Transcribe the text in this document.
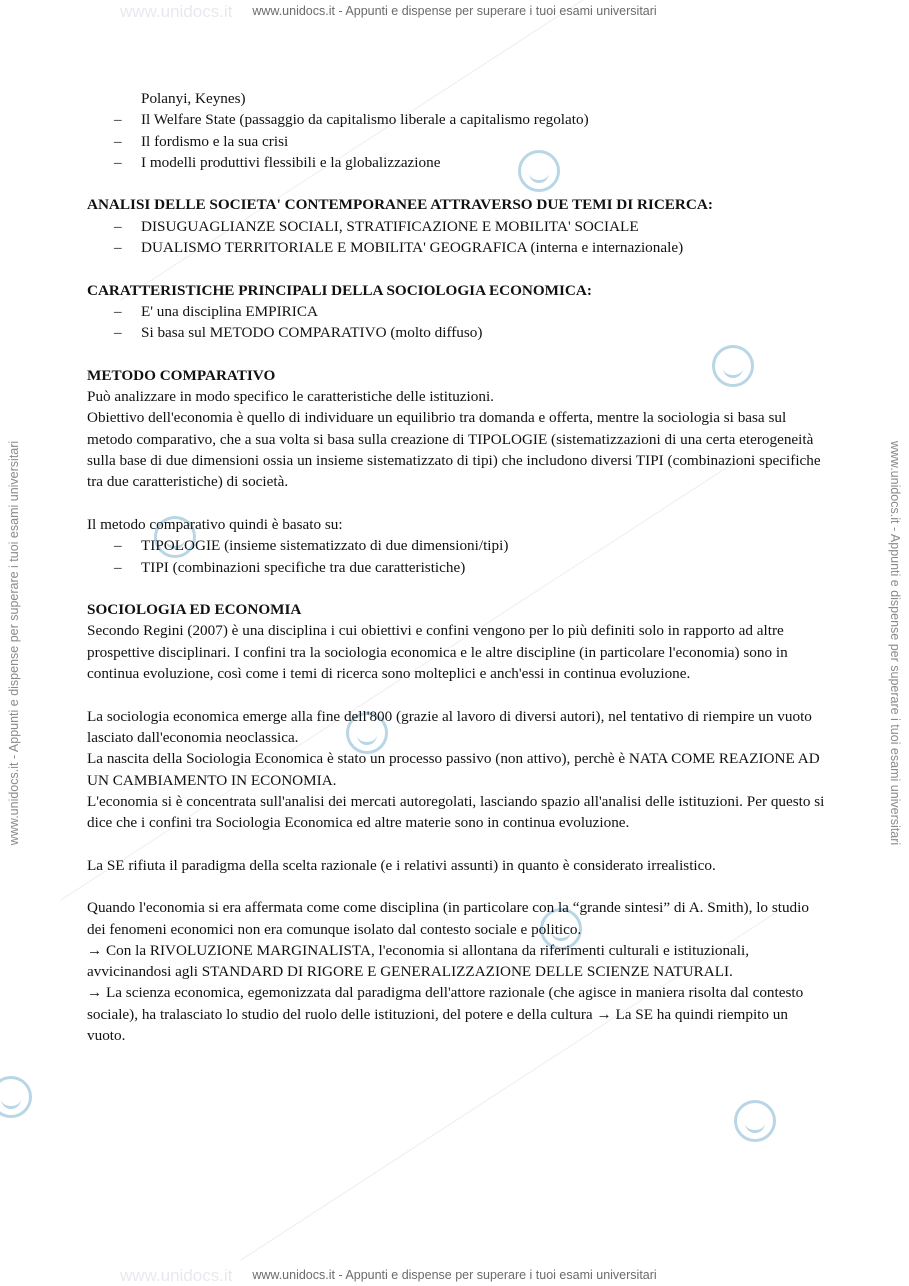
www.unidocs.it
www.unidocs.it
www.unidocs.it - Appunti e dispense per superare i tuoi esami universitari
www.unidocs.it - Appunti e dispense per superare i tuoi esami universitari
www.unidocs.it - Appunti e dispense per superare i tuoi esami universitari	www.unidocs.it - Appunti e dispense per superare i tuoi esami universitari

Polanyi, Keynes)

– Il Welfare State (passaggio da capitalismo liberale a capitalismo regolato)
– Il fordismo e la sua crisi
– I modelli produttivi flessibili e la globalizzazione

ANALISI DELLE SOCIETA' CONTEMPORANEE ATTRAVERSO DUE TEMI DI RICERCA:

– DISUGUAGLIANZE SOCIALI, STRATIFICAZIONE E MOBILITA' SOCIALE
– DUALISMO TERRITORIALE E MOBILITA' GEOGRAFICA (interna e internazionale)

CARATTERISTICHE PRINCIPALI DELLA SOCIOLOGIA ECONOMICA:

– E' una disciplina EMPIRICA
– Si basa sul METODO COMPARATIVO (molto diffuso)

METODO COMPARATIVO

Può analizzare in modo specifico le caratteristiche delle istituzioni.

Obiettivo dell'economia è quello di individuare un equilibrio tra domanda e offerta, mentre la sociologia si basa sul metodo comparativo, che a sua volta si basa sulla creazione di TIPOLOGIE (sistematizzazioni di una certa eterogeneità sulla base di due dimensioni ossia un insieme sistematizzato di tipi) che includono diversi TIPI (combinazioni specifiche tra due caratteristiche) di società.

Il metodo comparativo quindi è basato su:

– TIPOLOGIE (insieme sistematizzato di due dimensioni/tipi)
– TIPI (combinazioni specifiche tra due caratteristiche)

SOCIOLOGIA ED ECONOMIA

Secondo Regini (2007) è una disciplina i cui obiettivi e confini vengono per lo più definiti solo in rapporto ad altre prospettive disciplinari. I confini tra la sociologia economica e le altre discipline (in particolare l'economia) sono in continua evoluzione, così come i temi di ricerca sono molteplici e anch'essi in continua evoluzione.

La sociologia economica emerge alla fine dell'800 (grazie al lavoro di diversi autori), nel tentativo di riempire un vuoto lasciato dall'economia neoclassica.

La nascita della Sociologia Economica è stato un processo passivo (non attivo), perchè è NATA COME REAZIONE AD UN CAMBIAMENTO IN ECONOMIA.

L'economia si è concentrata sull'analisi dei mercati autoregolati, lasciando spazio all'analisi delle istituzioni. Per questo si dice che i confini tra Sociologia Economica ed altre materie sono in continua evoluzione.

La SE rifiuta il paradigma della scelta razionale (e i relativi assunti) in quanto è considerato irrealistico.

Quando l'economia si era affermata come come disciplina (in particolare con la “grande sintesi” di A. Smith), lo studio dei fenomeni economici non era comunque isolato dal contesto sociale e politico.

→ Con la RIVOLUZIONE MARGINALISTA, l'economia si allontana da riferimenti culturali e istituzionali, avvicinandosi agli STANDARD DI RIGORE E GENERALIZZAZIONE DELLE SCIENZE NATURALI.

→ La scienza economica, egemonizzata dal paradigma dell'attore razionale (che agisce in maniera risolta dal contesto sociale), ha tralasciato lo studio del ruolo delle istituzioni, del potere e della cultura → La SE ha quindi riempito un vuoto.
